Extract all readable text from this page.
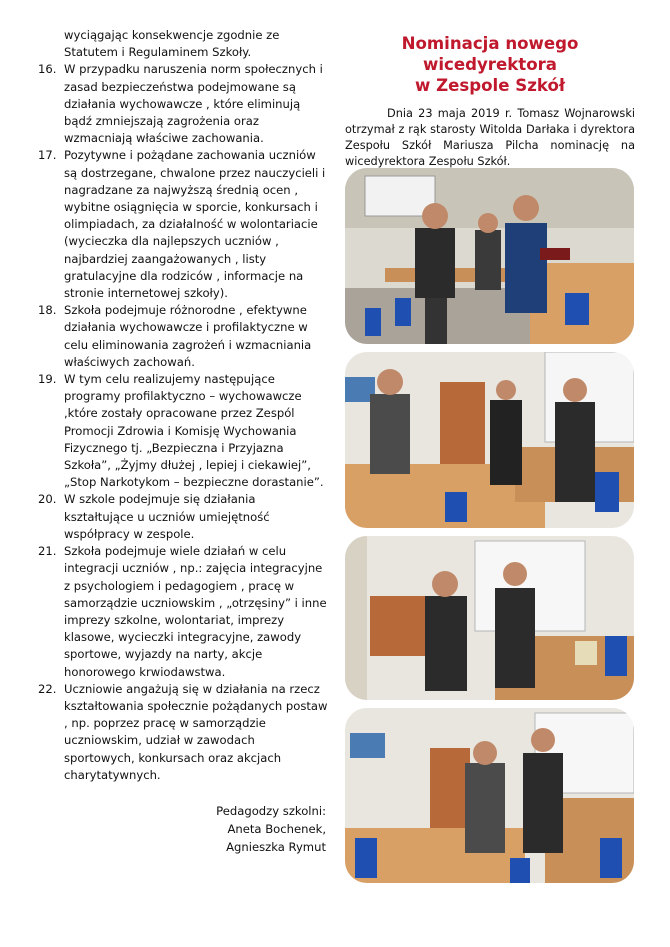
wyciągając konsekwencje zgodnie ze Statutem i Regulaminem Szkoły.

16. W przypadku naruszenia norm społecznych i zasad bezpieczeństwa podejmowane są działania wychowawcze , które eliminują bądź zmniejszają zagrożenia oraz wzmacniają właściwe zachowania.
17. Pozytywne i pożądane zachowania uczniów są dostrzegane, chwalone przez nauczycieli i nagradzane za najwyższą średnią ocen , wybitne osiągnięcia w sporcie, konkursach i olimpiadach, za działalność w wolontariacie (wycieczka dla najlepszych uczniów , najbardziej zaangażowanych , listy gratulacyjne dla rodziców , informacje na stronie internetowej szkoły).
18. Szkoła podejmuje różnorodne , efektywne działania wychowawcze i profilaktyczne w celu eliminowania zagrożeń i wzmacniania właściwych zachowań.
19. W tym celu realizujemy następujące programy profilaktyczno – wychowawcze ,które zostały opracowane przez Zespól Promocji Zdrowia i Komisję Wychowania Fizycznego tj. „Bezpieczna i Przyjazna Szkoła”, „Żyjmy dłużej , lepiej i ciekawiej”, „Stop Narkotykom – bezpieczne dorastanie”.
20. W szkole podejmuje się działania kształtujące u uczniów umiejętność współpracy w zespole.
21. Szkoła podejmuje wiele działań w celu integracji uczniów , np.: zajęcia integracyjne z psychologiem i pedagogiem , pracę w samorządzie uczniowskim , „otrzęsiny” i inne imprezy szkolne, wolontariat, imprezy klasowe, wycieczki integracyjne, zawody sportowe, wyjazdy na narty, akcje honorowego krwiodawstwa.
22. Uczniowie angażują się w działania na rzecz kształtowania społecznie pożądanych postaw , np. poprzez pracę w samorządzie uczniowskim, udział w zawodach sportowych, konkursach oraz akcjach charytatywnych.
Pedagodzy szkolni:
Aneta Bochenek,
Agnieszka Rymut
Nominacja nowego wicedyrektora
w Zespole Szkół

Dnia 23 maja 2019 r. Tomasz Wojnarowski otrzymał z rąk starosty Witolda Darłaka i dyrektora Zespołu Szkół Mariusza Pilcha nominację na wicedyrektora Zespołu Szkół.
